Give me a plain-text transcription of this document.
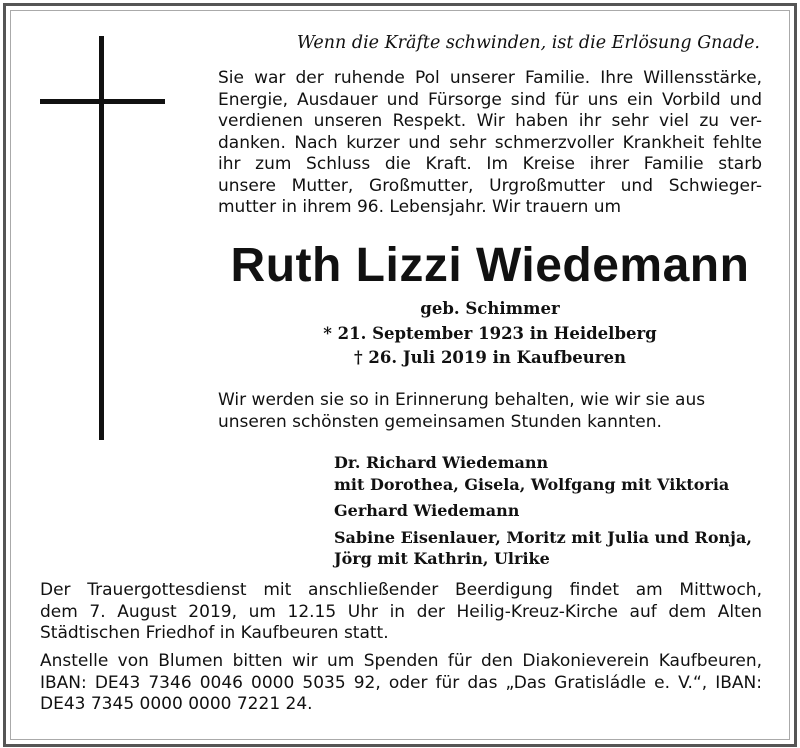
Wenn die Kräfte schwinden, ist die Erlösung Gnade.
Sie war der ruhende Pol unserer Familie. Ihre Willensstärke,
Energie, Ausdauer und Fürsorge sind für uns ein Vorbild und
verdienen unseren Respekt. Wir haben ihr sehr viel zu ver-
danken. Nach kurzer und sehr schmerzvoller Krankheit fehlte
ihr zum Schluss die Kraft. Im Kreise ihrer Familie starb
unsere Mutter, Großmutter, Urgroßmutter und Schwieger-
mutter in ihrem 96. Lebensjahr. Wir trauern um
Ruth Lizzi Wiedemann
geb. Schimmer
* 21. September 1923 in Heidelberg
† 26. Juli 2019 in Kaufbeuren
Wir werden sie so in Erinnerung behalten, wie wir sie aus
unseren schönsten gemeinsamen Stunden kannten.
Dr. Richard Wiedemann
mit Dorothea, Gisela, Wolfgang mit Viktoria
Gerhard Wiedemann
Sabine Eisenlauer, Moritz mit Julia und Ronja,
Jörg mit Kathrin, Ulrike
Der Trauergottesdienst mit anschließender Beerdigung findet am Mittwoch,
dem 7. August 2019, um 12.15 Uhr in der Heilig-Kreuz-Kirche auf dem Alten
Städtischen Friedhof in Kaufbeuren statt.
Anstelle von Blumen bitten wir um Spenden für den Diakonieverein Kaufbeuren,
IBAN: DE43 7346 0046 0000 5035 92, oder für das „Das Gratisládle e. V.“, IBAN:
DE43 7345 0000 0000 7221 24.
